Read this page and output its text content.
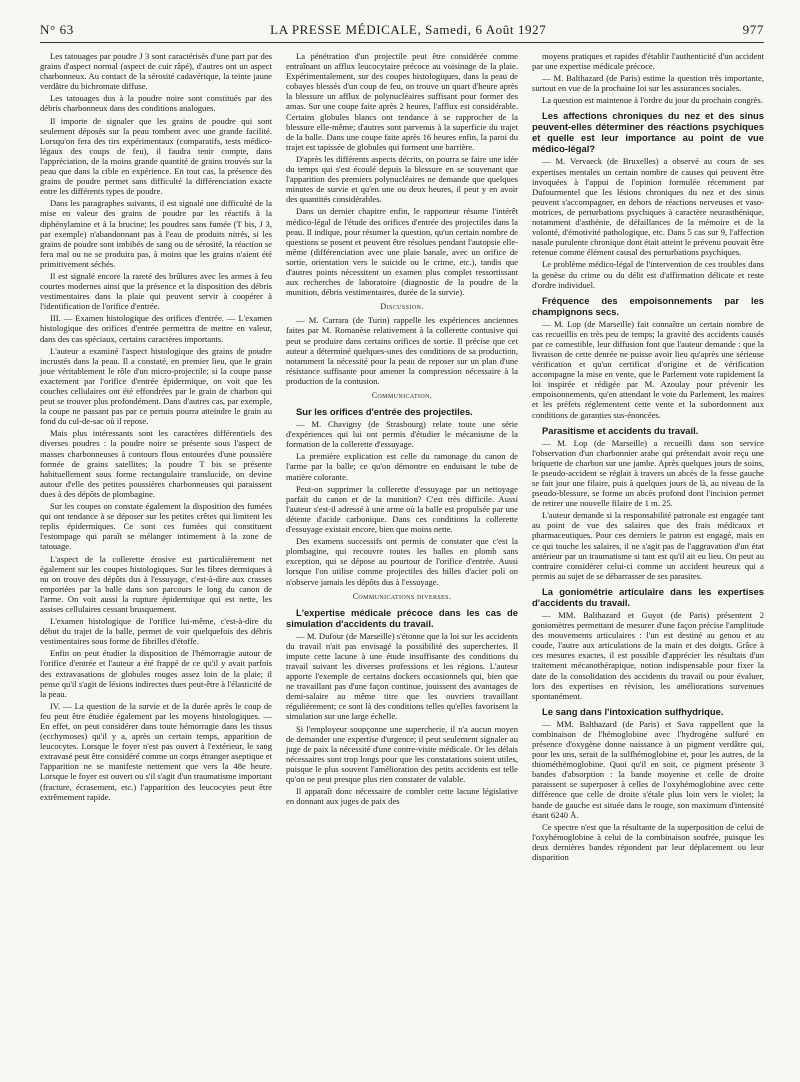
N° 63	LA PRESSE MÉDICALE, Samedi, 6 Août 1927	977

Les tatouages par poudre J 3 sont caractérisés d'une part par des grains d'aspect normal (aspect de cuir râpé), d'autres ont un aspect charbonneux. Au contact de la sérosité cadavérique, la teinte jaune verdâtre du bichromate diffuse.

Les tatouages dus à la poudre noire sont constitués par des débris charbonneux dans des conditions analogues.

Il importe de signaler que les grains de poudre qui sont seulement déposés sur la peau tombent avec une grande facilité. Lorsqu'on fera des tirs expérimentaux (comparatifs, tests médico-légaux des coups de feu), il faudra tenir compte, dans l'appréciation, de la moins grande quantité de grains trouvés sur la peau que dans la cible en expérience. En tout cas, la présence des grains de poudre permet sans difficulté la différenciation exacte entre les différents types de poudre.

Dans les paragraphes suivants, il est signalé une difficulté de la mise en valeur des grains de poudre par les réactifs à la diphénylamine et à la brucine; les poudres sans fumée (T bis, J 3, par exemple) n'abandonnant pas à l'eau de produits nitrés, si les grains de poudre sont imbibés de sang ou de sérosité, la réaction se fera mal ou ne se produira pas, à moins que les grains n'aient été primitivement séchés.

Il est signalé encore la rareté des brûlures avec les armes à feu courtes modernes ainsi que la présence et la disposition des débris vestimentaires dans la plaie qui peuvent servir à coopérer à l'identification de l'orifice d'entrée.

III. — Examen histologique des orifices d'entrée. — L'examen histologique des orifices d'entrée permettra de mettre en valeur, dans des cas spéciaux, certains caractères importants.

L'auteur a examiné l'aspect histologique des grains de poudre incrustés dans la peau. Il a constaté, en premier lieu, que le grain joue véritablement le rôle d'un micro-projectile; si la coupe passe exactement par l'orifice d'entrée épidermique, on voit que les couches cellulaires ont été effondrées par le grain de charbon qui peut se trouver plus profondément. Dans d'autres cas, par exemple, la coupe ne passant pas par ce pertuis pourra atteindre le grain au fond du cul-de-sac où il repose.

Mais plus intéressants sont les caractères différentiels des diverses poudres : la poudre noire se présente sous l'aspect de masses charbonneuses à contours flous entourées d'une poussière formée de grains satellites; la poudre T bis se présente habituellement sous forme rectangulaire translucide, on devine autour d'elle des petites poussières charbonneuses qui paraissent dues à des dépôts de plombagine.

Sur les coupes on constate également la disposition des fumées qui ont tendance à se déposer sur les petites crêtes qui limitent les replis épidermiques. Ce sont ces fumées qui constituent l'estompage qui paraît se mélanger intimement à la zone de tatouage.

L'aspect de la collerette érosive est particulièrement net également sur les coupes histologiques. Sur les fibres dermiques à nu on trouve des dépôts dus à l'essuyage, c'est-à-dire aux crasses emportées par la balle dans son parcours le long du canon de l'arme. On voit aussi la rupture épidermique qui est nette, les assises cellulaires cessant brusquement.

L'examen histologique de l'orifice lui-même, c'est-à-dire du début du trajet de la balle, permet de voir quelquefois des débris vestimentaires sous forme de fibrilles d'étoffe.

Enfin on peut étudier la disposition de l'hémorragie autour de l'orifice d'entrée et l'auteur a été frappé de ce qu'il y avait parfois des extravasations de globules rouges assez loin de la plaie; il pense qu'il s'agit de lésions indirectes dues peut-être à l'élasticité de la peau.

IV. — La question de la survie et de la durée après le coup de feu peut être étudiée également par les moyens histologiques. — En effet, on peut considérer dans toute hémorragie dans les tissus (ecchymoses) qu'il y a, après un certain temps, apparition de leucocytes. Lorsque le foyer n'est pas ouvert à l'extérieur, le sang extravasé peut être considéré comme un corps étranger aseptique et l'apparition ne se manifeste nettement que vers la 48e heure. Lorsque le foyer est ouvert ou s'il s'agit d'un traumatisme important (fracture, écrasement, etc.) l'apparition des leucocytes peut être extrêmement rapide.

La pénétration d'un projectile peut être considérée comme entraînant un afflux leucocytaire précoce au voisinage de la plaie. Expérimentalement, sur des coupes histologiques, dans la peau de cobayes blessés d'un coup de feu, on trouve un quart d'heure après la blessure un afflux de polynucléaires suffisant pour former des amas. Sur une coupe faite après 2 heures, l'afflux est considérable. Certains globules blancs ont tendance à se rapprocher de la blessure elle-même; d'autres sont parvenus à la superficie du trajet de la balle. Dans une coupe faite après 16 heures enfin, la paroi du trajet est tapissée de globules qui forment une barrière.

D'après les différents aspects décrits, on pourra se faire une idée du temps qui s'est écoulé depuis la blessure en se souvenant que l'apparition des premiers polynucléaires ne demande que quelques minutes de survie et qu'en une ou deux heures, il peut y en avoir des quantités considérables.

Dans un dernier chapitre enfin, le rapporteur résume l'intérêt médico-légal de l'étude des orifices d'entrée des projectiles dans la peau. Il indique, pour résumer la question, qu'un certain nombre de questions se posent et peuvent être résolues pendant l'autopsie elle-même (différenciation avec une plaie banale, avec un orifice de sortie, orientation vers le suicide ou le crime, etc.), tandis que d'autres points nécessitent un examen plus complet ressortissant aux recherches de laboratoire (diagnostic de la poudre de la munition, débris vestimentaires, durée de la survie).

Discussion.

— M. Carrara (de Turin) rappelle les expériences anciennes faites par M. Romanèse relativement à la collerette contusive qui peut se produire dans certains orifices de sortie. Il précise que cet auteur a déterminé quelques-unes des conditions de sa production, notamment la nécessité pour la peau de reposer sur un plan d'une résistance suffisante pour amener la compression nécessaire à la production de la contusion.

Communication.
Sur les orifices d'entrée des projectiles.

— M. Chavigny (de Strasbourg) relate toute une série d'expériences qui lui ont permis d'étudier le mécanisme de la formation de la collerette d'essuyage.

La première explication est celle du ramonage du canon de l'arme par la balle; ce qu'on démontre en enduisant le tube de matière colorante.

Peut-on supprimer la collerette d'essuyage par un nettoyage parfait du canon et de la munition? C'est très difficile. Aussi l'auteur s'est-il adressé à une arme où la balle est propulsée par une détente d'acide carbonique. Dans ces conditions la collerette d'essuyage existait encore, bien que moins nette.

Des examens successifs ont permis de constater que c'est la plombagine, qui recouvre toutes les balles en plomb sans exception, qui se dépose au pourtour de l'orifice d'entrée. Aussi lorsque l'on utilise comme projectiles des billes d'acier poli on n'observe jamais les dépôts dus à l'essuyage.

Communications diverses.
L'expertise médicale précoce dans les cas de simulation d'accidents du travail.

— M. Dufour (de Marseille) s'étonne que la loi sur les accidents du travail n'ait pas envisagé la possibilité des supercheries. Il impute cette lacune à une étude insuffisante des conditions du travail suivant les diverses professions et les régions. L'auteur apporte l'exemple de certains dockers occasionnels qui, bien que ne travaillant pas d'une façon continue, jouissent des avantages de demi-salaire au même titre que les ouvriers travaillant régulièrement; ce sont là des conditions telles qu'elles favorisent la simulation sur une large échelle.

Si l'employeur soupçonne une supercherie, il n'a aucun moyen de demander une expertise d'urgence; il peut seulement signaler au juge de paix la nécessité d'une contre-visite médicale. Or les délais nécessaires sont trop longs pour que les constatations soient utiles, puisque le plus souvent l'amélioration des petits accidents est telle qu'on ne peut presque plus rien constater de valable.

Il apparaît donc nécessaire de combler cette lacune législative en donnant aux juges de paix des

moyens pratiques et rapides d'établir l'authenticité d'un accident par une expertise médicale précoce.

— M. Balthazard (de Paris) estime la question très importante, surtout en vue de la prochaine loi sur les assurances sociales.

La question est maintenue à l'ordre du jour du prochain congrès.

Les affections chroniques du nez et des sinus peuvent-elles déterminer des réactions psychiques et quelle est leur importance au point de vue médico-légal?

— M. Vervaeck (de Bruxelles) a observé au cours de ses expertises mentales un certain nombre de causes qui peuvent être invoquées à l'appui de l'opinion formulée récemment par Dufourmentel que les lésions chroniques du nez et des sinus peuvent s'accompagner, en dehors de réactions nerveuses et vaso-motrices, de perturbations psychiques à caractère neurasthénique, notamment d'asthénie, de défaillances de la mémoire et de la volonté, d'émotivité pathologique, etc. Dans 5 cas sur 9, l'affection nasale purulente chronique dont était atteint le prévenu pouvait être retenue comme élément causal des perturbations psychiques.

Le problème médico-légal de l'intervention de ces troubles dans la genèse du crime ou du délit est d'affirmation délicate et reste d'ordre individuel.

Fréquence des empoisonnements par les champignons secs.

— M. Lop (de Marseille) fait connaître un certain nombre de cas recueillis en très peu de temps; la gravité des accidents causés par ce comestible, leur diffusion font que l'auteur demande : que la livraison de cette denrée ne puisse avoir lieu qu'après une sérieuse vérification et qu'un certificat d'origine et de vérification accompagne la mise en vente, que le Parlement vote rapidement la loi inspirée et rédigée par M. Azoulay pour prévenir les empoisonnements, qu'en attendant le vote du Parlement, les maires et les préfets réglementent cette vente et la subordonnent aux conditions de garanties sus-énoncées.

Parasitisme et accidents du travail.

— M. Lop (de Marseille) a recueilli dans son service l'observation d'un charbonnier arabe qui prétendait avoir reçu une briquette de charbon sur une jambe. Après quelques jours de soins, le pseudo-accident se réglait à travers un abcès de la fesse gauche se fait jour une filaire, puis à quelques jours de là, au niveau de la pseudo-blessure, se forme un abcès profond dont l'incision permet de retirer une nouvelle filaire de 1 m. 25.

L'auteur demande si la responsabilité patronale est engagée tant au point de vue des salaires que des frais médicaux et pharmaceutiques. Pour ces derniers le patron est engagé, mais en ce qui touche les salaires, il ne s'agit pas de l'aggravation d'un état antérieur par un traumatisme si tant est qu'il ait eu lieu. On peut au contraire considérer celui-ci comme un accident heureux qui a permis au sujet de se débarrasser de ses parasites.

La goniométrie articulaire dans les expertises d'accidents du travail.

— MM. Balthazard et Guyot (de Paris) présentent 2 goniomètres permettant de mesurer d'une façon précise l'amplitude des mouvements articulaires : l'un est destiné au genou et au coude, l'autre aux articulations de la main et des doigts. Grâce à ces mesures exactes, il est possible d'apprécier les résultats d'un traitement mécanothérapique, notion indispensable pour fixer la date de la consolidation des accidents du travail ou pour évaluer, lors des expertises en révision, les améliorations survenues spontanément.

Le sang dans l'intoxication sulfhydrique.

— MM. Balthazard (de Paris) et Sava rappellent que la combinaison de l'hémoglobine avec l'hydrogène sulfuré en présence d'oxygène donne naissance à un pigment verdâtre qui, pour les uns, serait de la sulfhémoglobine et, pour les autres, de la thiométhémoglobine. Quoi qu'il en soit, ce pigment présente 3 bandes d'absorption : la bande moyenne et celle de droite paraissent se superposer à celles de l'oxyhémoglobine avec cette différence que celle de droite s'étale plus loin vers le violet; la bande de gauche est située dans le rouge, son maximum d'intensité étant 6240 Å.

Ce spectre n'est que la résultante de la superposition de celui de l'oxyhémoglobine à celui de la combinaison soufrée, puisque les deux dernières bandes répondent par leur déplacement ou leur disparition
